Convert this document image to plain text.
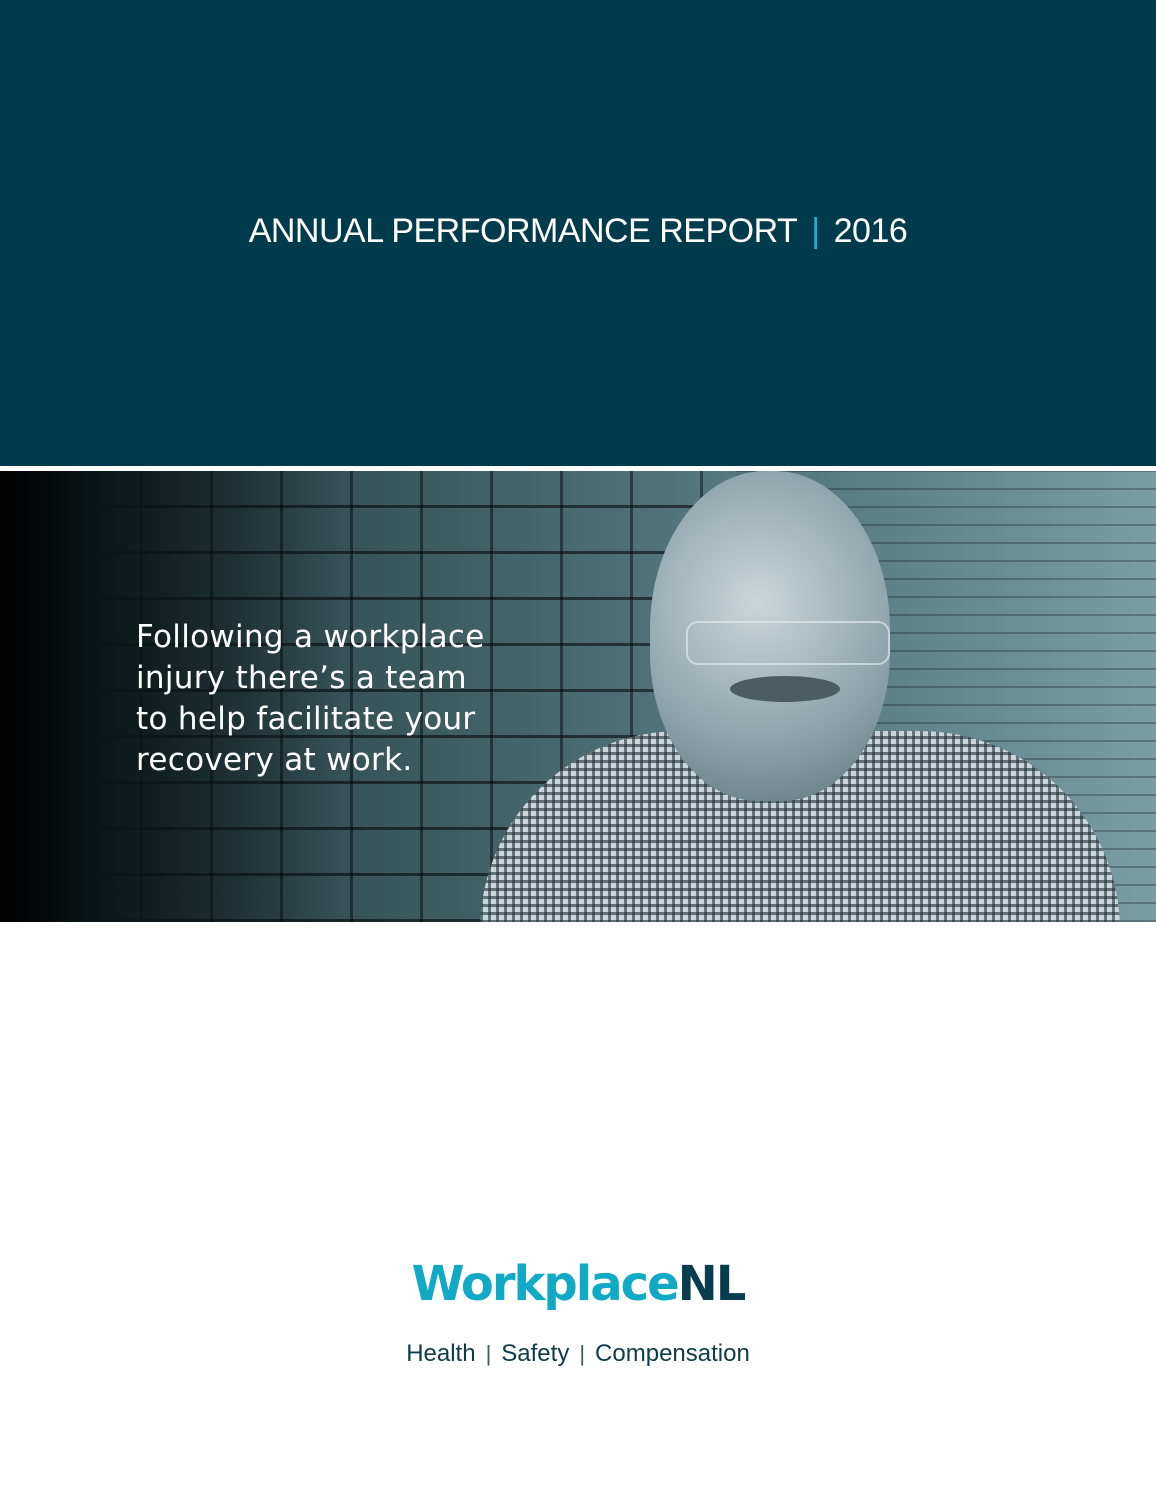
ANNUAL PERFORMANCE REPORT | 2016
Following a workplace
injury there’s a team
to help facilitate your
recovery at work.
WorkplaceNL
Health | Safety | Compensation
